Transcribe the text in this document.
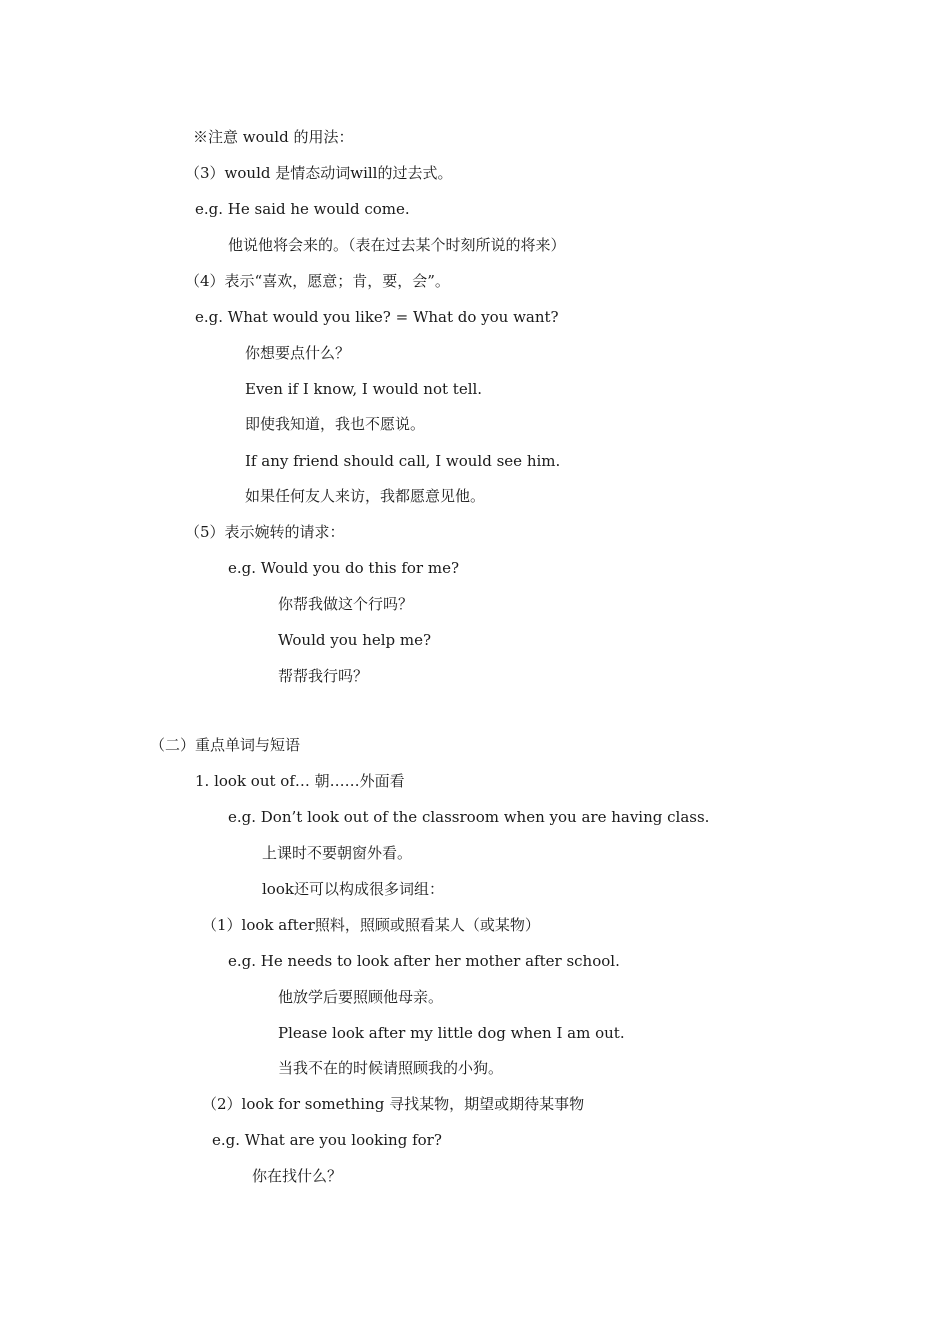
※注意 would 的用法：
（3）would 是情态动词will的过去式。
e.g. He said he would come.
他说他将会来的。（表在过去某个时刻所说的将来）
（4）表示“喜欢，愿意；肯，要，会”。
e.g. What would you like? = What do you want?
你想要点什么？
Even if I know, I would not tell.
即使我知道，我也不愿说。
If any friend should call, I would see him.
如果任何友人来访，我都愿意见他。
（5）表示婉转的请求：
e.g. Would you do this for me?
你帮我做这个行吗？
Would you help me?
帮帮我行吗？
（二）重点单词与短语
1. look out of… 朝……外面看
e.g. Don’t look out of the classroom when you are having class.
上课时不要朝窗外看。
look还可以构成很多词组：
（1）look after照料，照顾或照看某人（或某物）
e.g. He needs to look after her mother after school.
他放学后要照顾他母亲。
Please look after my little dog when I am out.
当我不在的时候请照顾我的小狗。
（2）look for something 寻找某物，期望或期待某事物
e.g. What are you looking for?
你在找什么？
